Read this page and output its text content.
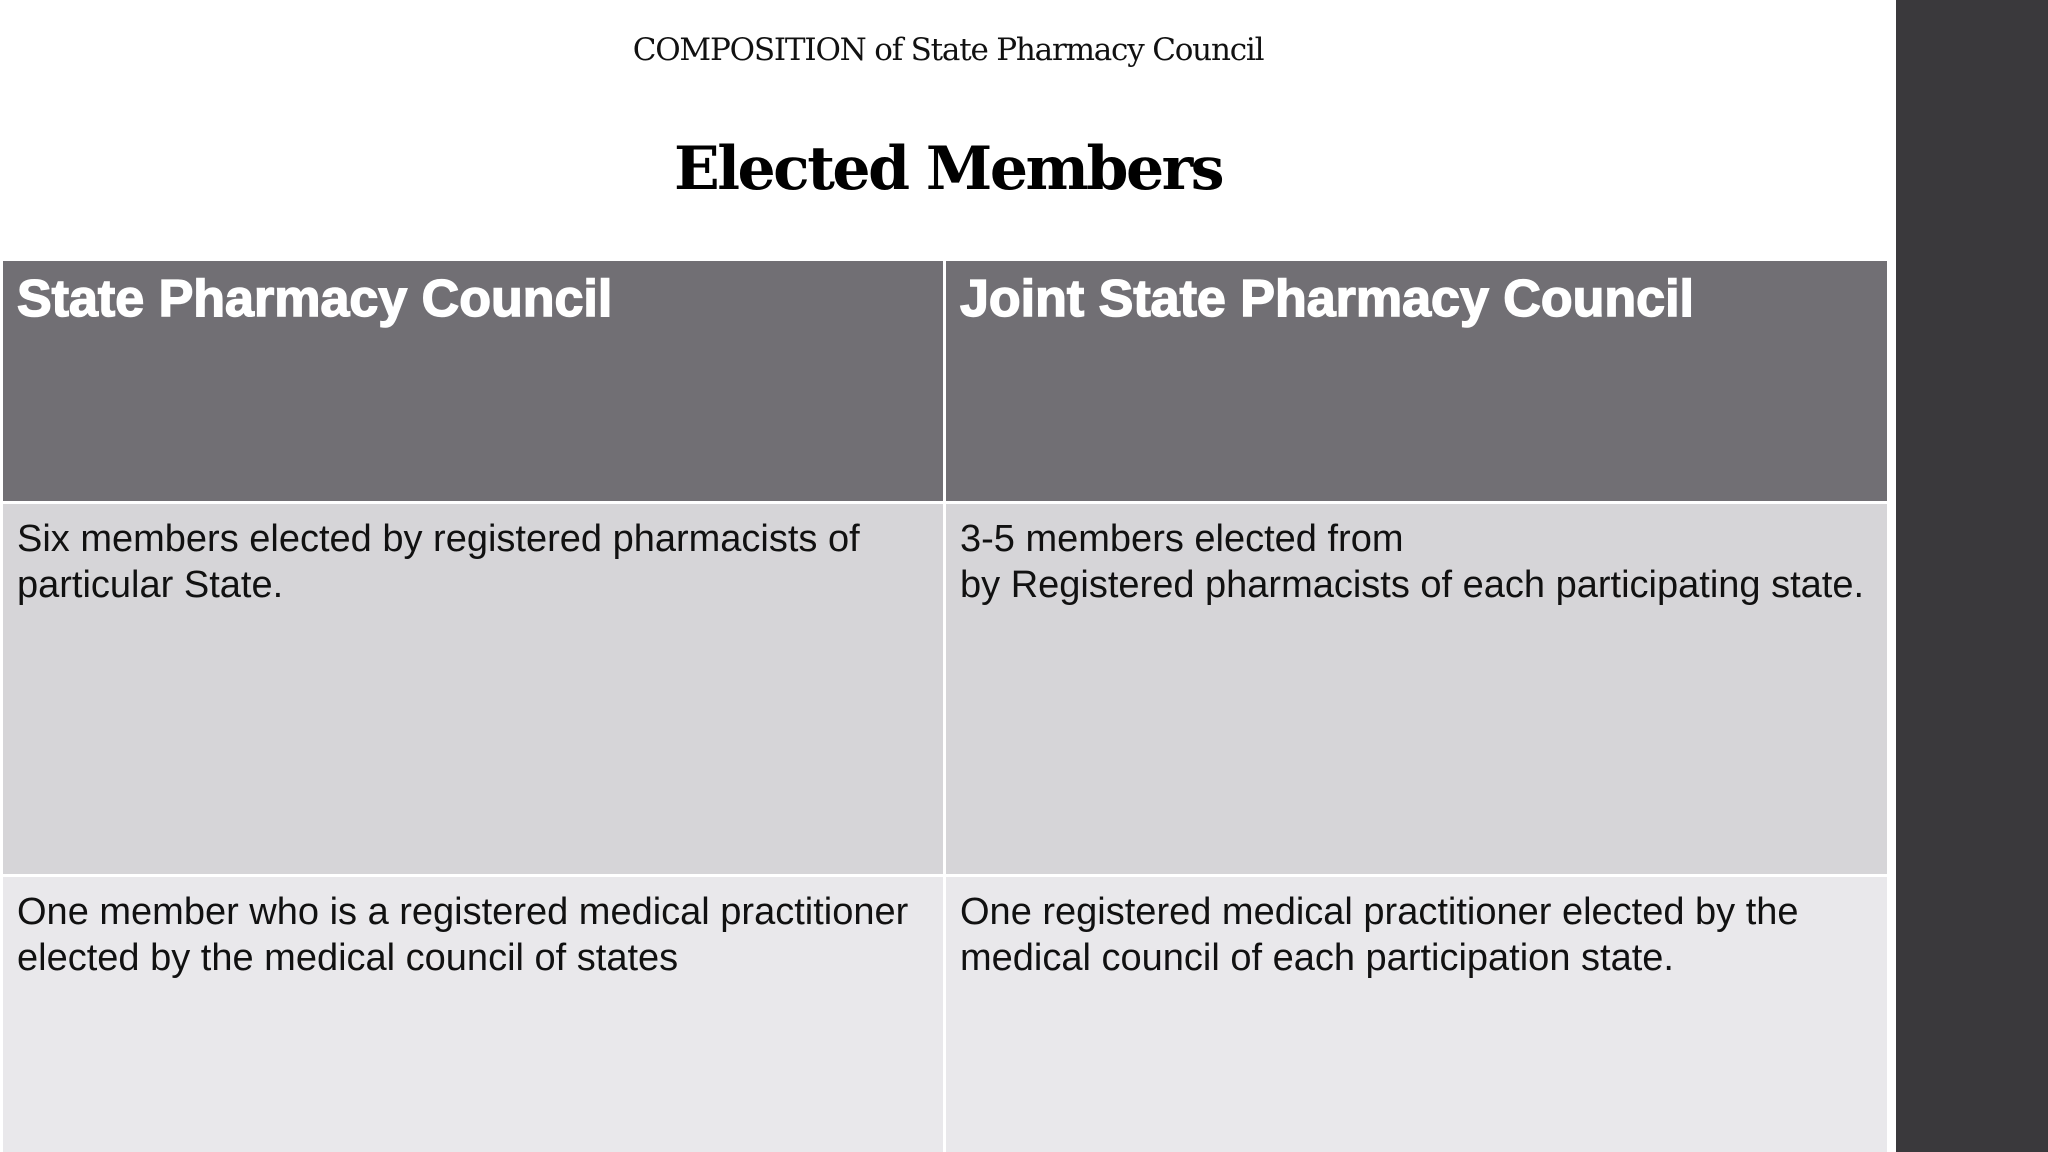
COMPOSITION of State Pharmacy Council
Elected Members
State Pharmacy Council	Joint State Pharmacy Council

Six members elected by registered pharmacists of particular State.	3-5 members elected from
by Registered pharmacists of each participating state.

One member who is a registered medical practitioner elected by the medical council of states	One registered medical practitioner elected by the medical council of each participation state.
